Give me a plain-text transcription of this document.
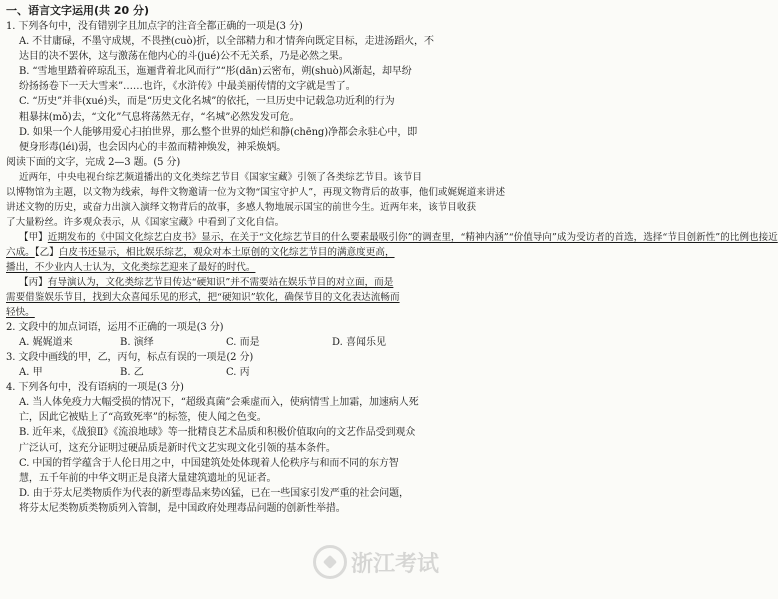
一、语言文字运用(共 20 分)

1. 下列各句中，没有错别字且加点字的注音全都正确的一项是(3 分)

A. 不甘庸碌，不墨守成规，不畏挫(cuò)折，以全部精力和才情奔向既定目标，走进汤蹈火，不

达目的决不罢休，这与激荡在他内心的斗(jué)公不无关系，乃是必然之果。

B. “雪地里踏着碎琼乱玉，迤逦背着北风而行”“彤(dān)云密布，朔(shuò)风渐起，却早纷

纷扬扬卷下一天大雪来”……也许，《水浒传》中最美丽传情的文字就是雪了。

C. “历史”并非(xué)头，而是“历史文化名城”的依托，一旦历史中记载急功近利的行为

粗暴抹(mǒ)去，“文化”气息将荡然无存，“名城”必然发发可危。

D. 如果一个人能够用爱心扫拍世界，那么整个世界的灿烂和静(chēng)净都会永驻心中，即

便身形毒(léi)弱，也会因内心的丰盈而精神焕发，神采焕炳。

阅读下面的文字，完成 2—3 题。(5 分)

近两年，中央电视台综艺频道播出的文化类综艺节目《国家宝藏》引领了各类综艺节目。该节目

以博物馆为主题，以文物为线索，每件文物邀请一位为文物“国宝守护人”，再现文物背后的故事，他们或娓娓道来讲述

讲述文物的历史，或奋力出演入演绎文物背后的故事，多感人物地展示国宝的前世今生。近两年来，该节目收获

了大量粉丝。许多观众表示，从《国家宝藏》中看到了文化自信。

【甲】近期发布的《中国文化综艺白皮书》显示，在关于“文化综艺节目的什么要素最吸引你”的调查里，“精神内涵”“价值导向”成为受访者的首选，选择“节目创新性”的比例也接近

六成。【乙】白皮书还显示，相比娱乐综艺，观众对本土原创的文化综艺节目的满意度更高，

播出，不少业内人士认为，文化类综艺迎来了最好的时代。

【丙】有导演认为，文化类综艺节目传达“硬知识”并不需要站在娱乐节目的对立面，而是

需要借鉴娱乐节目，找到大众喜闻乐见的形式，把“硬知识”软化，确保节目的文化表达流畅而

轻快。

2. 文段中的加点词语，运用不正确的一项是(3 分)

A. 娓娓道来	B. 演绎	C. 而是	D. 喜闻乐见

3. 文段中画线的甲，乙，丙句，标点有误的一项是(2 分)

A. 甲	B. 乙	C. 丙

4. 下列各句中，没有语病的一项是(3 分)

A. 当人体免疫力大幅受损的情况下，“超级真菌”会乘虚而入，使病情雪上加霜，加速病人死

亡，因此它被贴上了“高致死率”的标签，使人闻之色变。

B. 近年来，《战狼Ⅱ》《流浪地球》等一批精良艺术品质和积极价值取向的文艺作品受到观众

广泛认可，这充分证明过硬品质是新时代文艺实现文化引领的基本条件。

C. 中国的哲学蕴含于人伦日用之中，中国建筑处处体现着人伦秩序与和而不同的东方智

慧，五千年前的中华文明正是良渚大量建筑遗址的见证者。

D. 由于芬太尼类物质作为代表的新型毒品来势凶猛，已在一些国家引发严重的社会问题，

将芬太尼类物质类物质列入管制，是中国政府处理毒品问题的创新性举措。

浙江考试
